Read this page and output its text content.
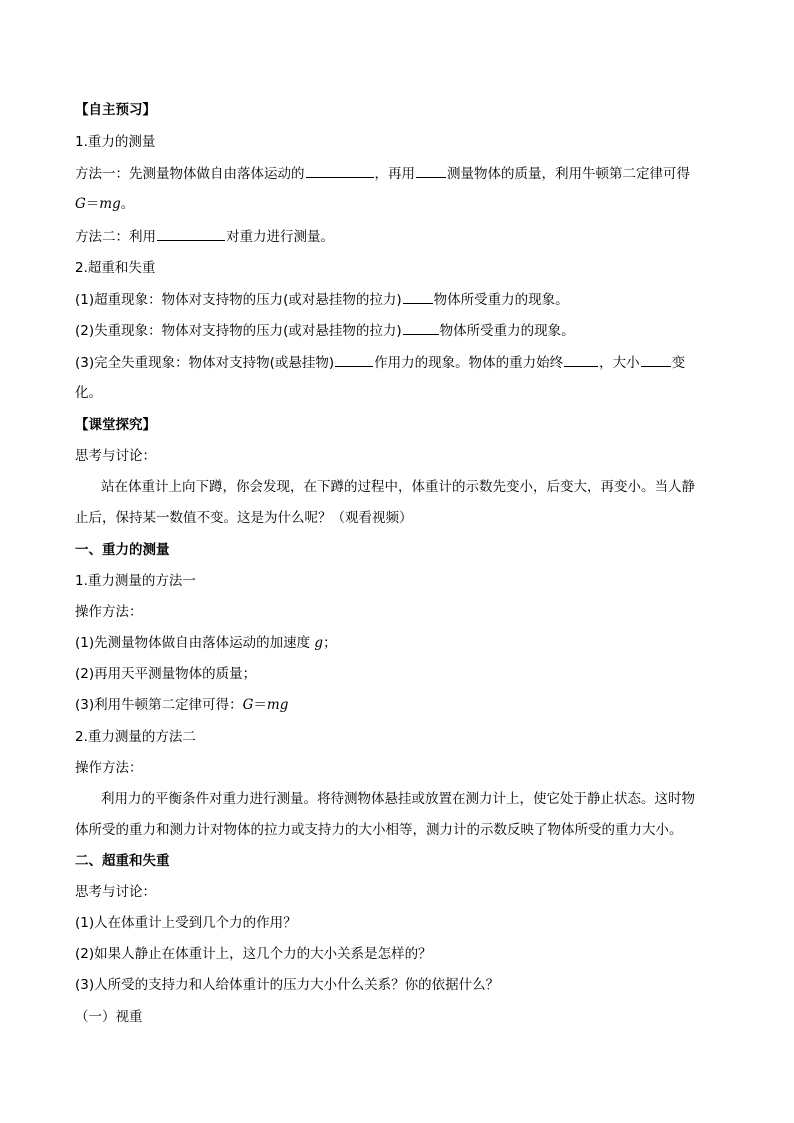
【自主预习】
1.重力的测量
方法一：先测量物体做自由落体运动的	，再用 测量物体的质量，利用牛顿第二定律可得
G＝mg。
方法二：利用	对重力进行测量。
2.超重和失重
(1)超重现象：物体对支持物的压力(或对悬挂物的拉力) 物体所受重力的现象。
(2)失重现象：物体对支持物的压力(或对悬挂物的拉力)	物体所受重力的现象。
(3)完全失重现象：物体对支持物(或悬挂物)	作用力的现象。物体的重力始终	，大小 变
化。
【课堂探究】
思考与讨论：
站在体重计上向下蹲，你会发现，在下蹲的过程中，体重计的示数先变小，后变大，再变小。当人静
止后，保持某一数值不变。这是为什么呢？（观看视频）
一、重力的测量
1.重力测量的方法一
操作方法：
(1)先测量物体做自由落体运动的加速度 g；
(2)再用天平测量物体的质量；
(3)利用牛顿第二定律可得：G＝mg
2.重力测量的方法二
操作方法：
利用力的平衡条件对重力进行测量。将待测物体悬挂或放置在测力计上，使它处于静止状态。这时物
体所受的重力和测力计对物体的拉力或支持力的大小相等，测力计的示数反映了物体所受的重力大小。
二、超重和失重
思考与讨论：
(1)人在体重计上受到几个力的作用？
(2)如果人静止在体重计上，这几个力的大小关系是怎样的？
(3)人所受的支持力和人给体重计的压力大小什么关系？你的依据什么？
（一）视重
